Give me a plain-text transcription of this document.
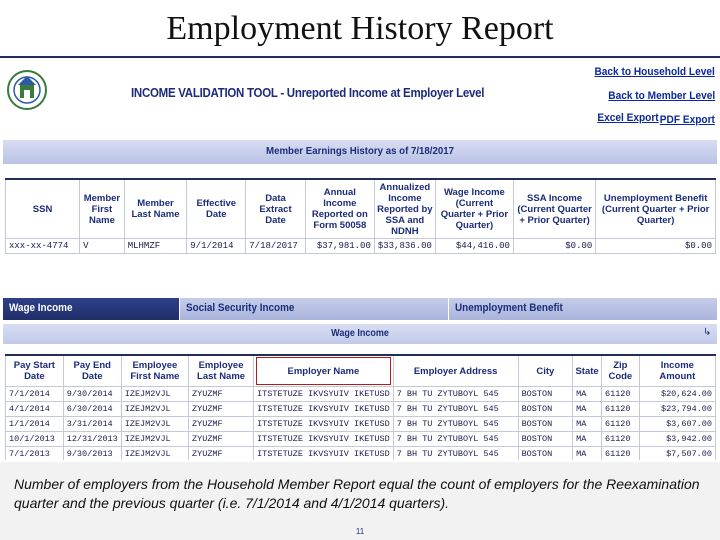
Employment History Report
INCOME VALIDATION TOOL - Unreported Income at Employer Level
Back to Household Level
Back to Member Level
Excel Export PDF Export
Member Earnings History as of 7/18/2017
SSN	Member First Name	Member Last Name	Effective Date	Data Extract Date	Annual Income Reported on Form 50058	Annualized Income Reported by SSA and NDNH	Wage Income (Current Quarter + Prior Quarter)	SSA Income (Current Quarter + Prior Quarter)	Unemployment Benefit (Current Quarter + Prior Quarter)
xxx-xx-4774	V	MLHMZF	9/1/2014	7/18/2017	$37,981.00	$33,836.00	$44,416.00	$0.00	$0.00
Wage Income	Social Security Income	Unemployment Benefit
Wage Income	↳
Pay Start Date	Pay End Date	Employee First Name	Employee Last Name	Employer Name	Employer Address	City	State	Zip Code	Income Amount
7/1/2014	9/30/2014	IZEJM2VJL	ZYUZMF	ITSTETUZE IKVSYUIV IKETUSD	7 BH TU ZYTUBOYL 545	BOSTON	MA	61120	$20,624.00
4/1/2014	6/30/2014	IZEJM2VJL	ZYUZMF	ITSTETUZE IKVSYUIV IKETUSD	7 BH TU ZYTUBOYL 545	BOSTON	MA	61120	$23,794.00
1/1/2014	3/31/2014	IZEJM2VJL	ZYUZMF	ITSTETUZE IKVSYUIV IKETUSD	7 BH TU ZYTUBOYL 545	BOSTON	MA	61120	$3,607.00
10/1/2013	12/31/2013	IZEJM2VJL	ZYUZMF	ITSTETUZE IKVSYUIV IKETUSD	7 BH TU ZYTUBOYL 545	BOSTON	MA	61120	$3,942.00
7/1/2013	9/30/2013	IZEJM2VJL	ZYUZMF	ITSTETUZE IKVSYUIV IKETUSD	7 BH TU ZYTUBOYL 545	BOSTON	MA	61120	$7,507.00
Number of employers from the Household Member Report equal the count of employers for the Reexamination quarter and the previous quarter (i.e. 7/1/2014 and 4/1/2014 quarters).
11
